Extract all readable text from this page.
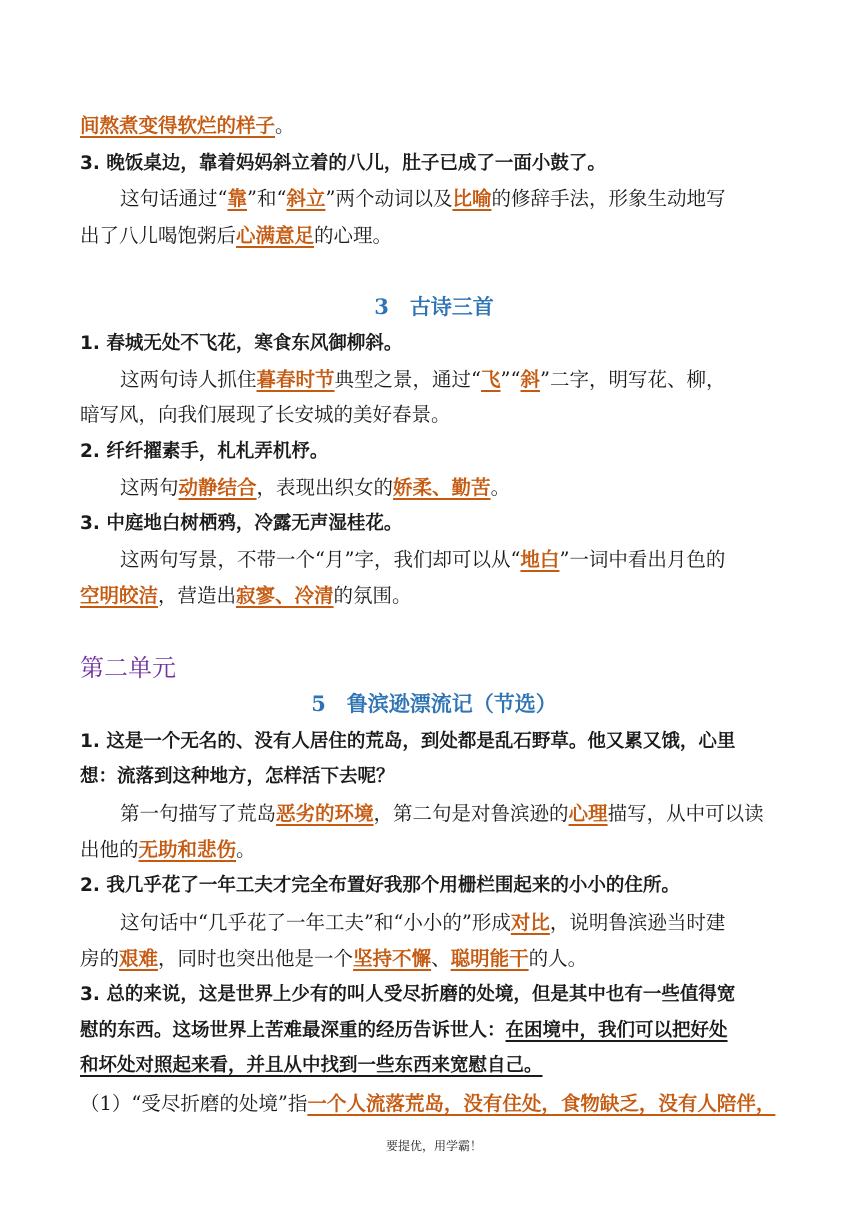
间熬煮变得软烂的样子。
3. 晚饭桌边，靠着妈妈斜立着的八儿，肚子已成了一面小鼓了。
这句话通过“靠”和“斜立”两个动词以及比喻的修辞手法，形象生动地写
出了八儿喝饱粥后心满意足的心理。
3　古诗三首
1. 春城无处不飞花，寒食东风御柳斜。
这两句诗人抓住暮春时节典型之景，通过“飞”“斜”二字，明写花、柳，
暗写风，向我们展现了长安城的美好春景。
2. 纤纤擢素手，札札弄机杼。
这两句动静结合，表现出织女的娇柔、勤苦。
3. 中庭地白树栖鸦，冷露无声湿桂花。
这两句写景，不带一个“月”字，我们却可以从“地白”一词中看出月色的
空明皎洁，营造出寂寥、冷清的氛围。
第二单元
5　鲁滨逊漂流记（节选）
1. 这是一个无名的、没有人居住的荒岛，到处都是乱石野草。他又累又饿，心里
想：流落到这种地方，怎样活下去呢？
第一句描写了荒岛恶劣的环境，第二句是对鲁滨逊的心理描写，从中可以读
出他的无助和悲伤。
2. 我几乎花了一年工夫才完全布置好我那个用栅栏围起来的小小的住所。
这句话中“几乎花了一年工夫”和“小小的”形成对比，说明鲁滨逊当时建
房的艰难，同时也突出他是一个坚持不懈、聪明能干的人。
3. 总的来说，这是世界上少有的叫人受尽折磨的处境，但是其中也有一些值得宽
慰的东西。这场世界上苦难最深重的经历告诉世人：在困境中，我们可以把好处
和坏处对照起来看，并且从中找到一些东西来宽慰自己。
（1）“受尽折磨的处境”指一个人流落荒岛，没有住处，食物缺乏，没有人陪伴，
要提优，用学霸！
